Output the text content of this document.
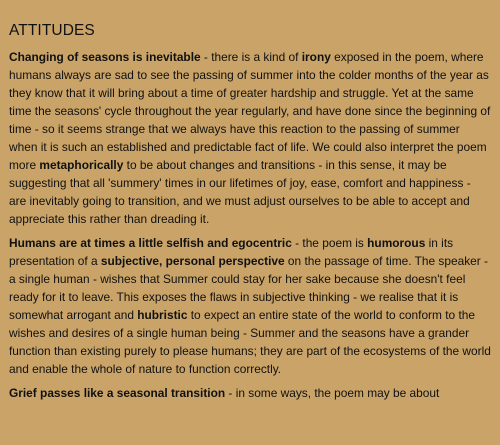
ATTITUDES

Changing of seasons is inevitable - there is a kind of irony exposed in the poem, where humans always are sad to see the passing of summer into the colder months of the year as they know that it will bring about a time of greater hardship and struggle. Yet at the same time the seasons' cycle throughout the year regularly, and have done since the beginning of time - so it seems strange that we always have this reaction to the passing of summer when it is such an established and predictable fact of life. We could also interpret the poem more metaphorically to be about changes and transitions - in this sense, it may be suggesting that all 'summery' times in our lifetimes of joy, ease, comfort and happiness - are inevitably going to transition, and we must adjust ourselves to be able to accept and appreciate this rather than dreading it.

Humans are at times a little selfish and egocentric - the poem is humorous in its presentation of a subjective, personal perspective on the passage of time. The speaker - a single human - wishes that Summer could stay for her sake because she doesn't feel ready for it to leave. This exposes the flaws in subjective thinking - we realise that it is somewhat arrogant and hubristic to expect an entire state of the world to conform to the wishes and desires of a single human being - Summer and the seasons have a grander function than existing purely to please humans; they are part of the ecosystems of the world and enable the whole of nature to function correctly.

Grief passes like a seasonal transition - in some ways, the poem may be about
